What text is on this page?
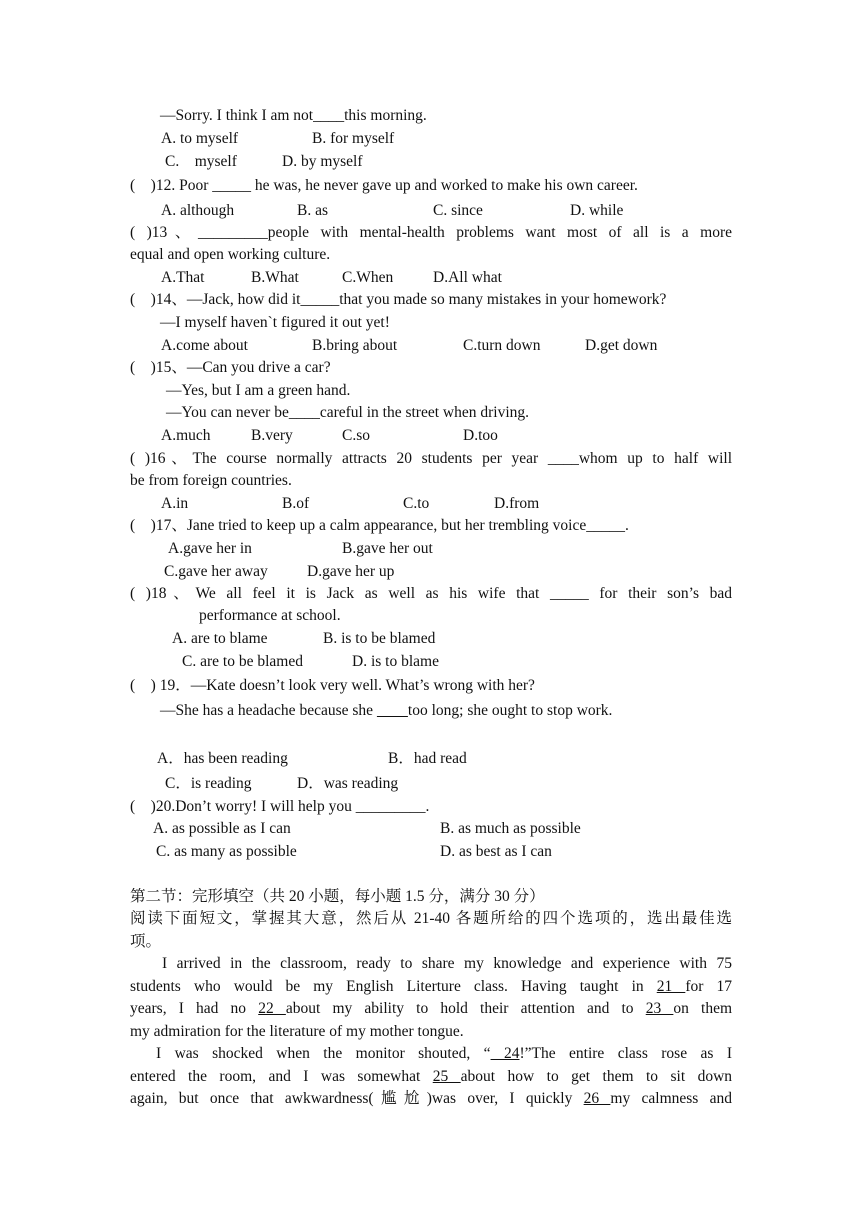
—Sorry. I think I am not____this morning.
A. to myself	B. for myself
C.    myself	D. by myself
(    )12. Poor _____ he was, he never gave up and worked to make his own career.
A. although	B. as	C. since	D. while
( )13、_________people with mental-health problems want most of all is a more
equal and open working culture.
A.That	B.What	C.When	D.All what
(    )14、—Jack, how did it_____that you made so many mistakes in your homework?
—I myself haven`t figured it out yet!
A.come about	B.bring about	C.turn down	D.get down
(    )15、—Can you drive a car?
—Yes, but I am a green hand.
—You can never be____careful in the street when driving.
A.much	B.very	C.so	D.too
( )16、The course normally attracts 20 students per year ____whom up to half will
be from foreign countries.
A.in	B.of	C.to	D.from
(    )17、Jane tried to keep up a calm appearance, but her trembling voice_____.
A.gave her in	B.gave her out
C.gave her away	D.gave her up
( )18、We all feel it is Jack as well as his wife that _____ for their son’s bad
performance at school.
A. are to blame	B. is to be blamed
C. are to be blamed	D. is to blame
(    ) 19．—Kate doesn’t look very well. What’s wrong with her?
—She has a headache because she         too long; she ought to stop work.
A．has been reading	B．had read
C．is reading	D．was reading
(    )20.Don’t worry! I will help you _________.
A. as possible as I can	B. as much as possible
C. as many as possible	D. as best as I can
第二节：完形填空（共 20 小题，每小题 1.5 分，满分 30 分）
阅读下面短文，掌握其大意，然后从 21-40 各题所给的四个选项的，选出最佳选
项。
I arrived in the classroom, ready to share my knowledge and experience with 75
students who would be my English Literture class. Having taught in 21 for 17
years, I had no 22 about my ability to hold their attention and to 23 on them
my admiration for the literature of my mother tongue.
I was shocked when the monitor shouted, “ 24!”The entire class rose as I
entered the room, and I was somewhat 25 about how to get them to sit down
again, but once that awkwardness(尴尬)was over, I quickly 26 my calmness and
